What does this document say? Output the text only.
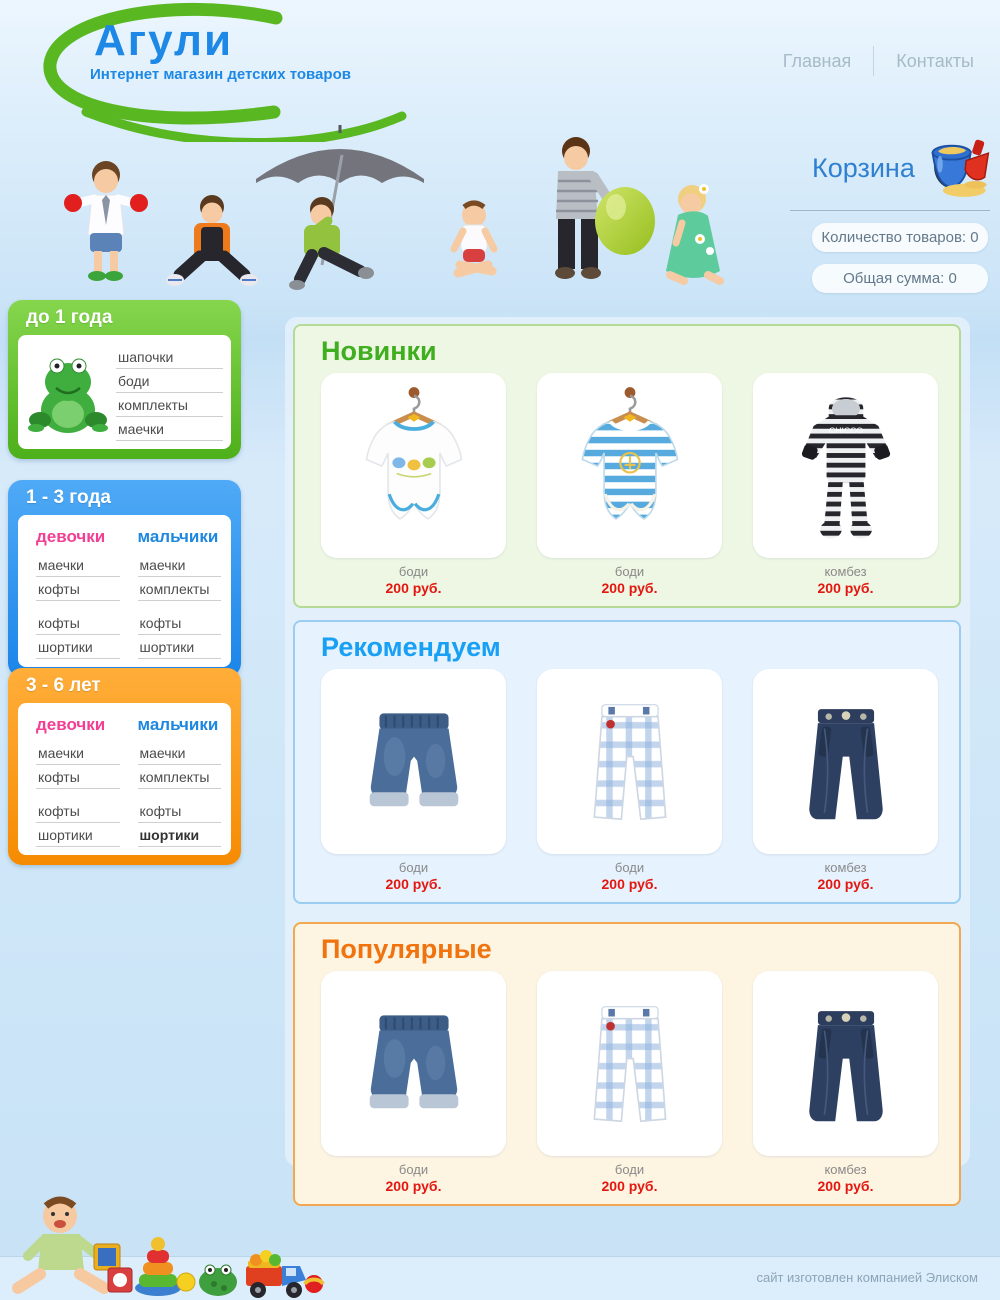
Агули
Интернет магазин детских товаров
Главная	Контакты
Корзина
Количество товаров: 0
Общая сумма: 0
до 1 года
шапочки
боди
комплекты
маечки
1 - 3 года
девочки
маечки
кофты
кофты
шортики
мальчики
маечки
комплекты
кофты
шортики
3 - 6 лет
девочки
маечки
кофты
кофты
шортики
мальчики
маечки
комплекты
кофты
шортики
Новинки
боди
200 руб.
боди
200 руб.
комбез
200 руб.
Рекомендуем
боди
200 руб.
боди
200 руб.
комбез
200 руб.
Популярные
боди
200 руб.
боди
200 руб.
комбез
200 руб.
сайт изготовлен компанией Элиском
